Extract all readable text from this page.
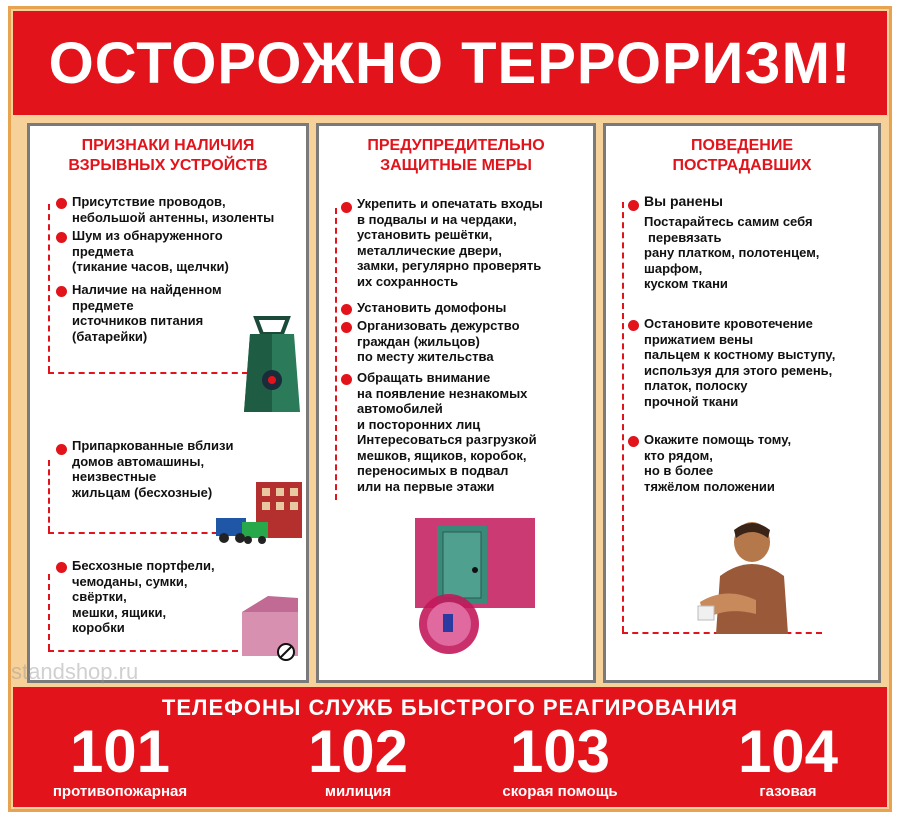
ОСТОРОЖНО ТЕРРОРИЗМ!
ПРИЗНАКИ НАЛИЧИЯ
ВЗРЫВНЫХ УСТРОЙСТВ
Присутствие проводов,
небольшой антенны, изоленты
Шум из обнаруженного
предмета
(тикание часов, щелчки)
Наличие на найденном
предмете
источников питания
(батарейки)
Припаркованные вблизи
домов автомашины,
неизвестные
жильцам (бесхозные)
Бесхозные портфели,
чемоданы, сумки,
свёртки,
мешки, ящики,
коробки
ПРЕДУПРЕДИТЕЛЬНО
ЗАЩИТНЫЕ МЕРЫ
Укрепить и опечатать входы
в подвалы и на чердаки,
установить решётки,
металлические двери,
замки, регулярно проверять
их сохранность
Установить домофоны
Организовать дежурство
граждан (жильцов)
по месту жительства
Обращать внимание
на появление незнакомых
автомобилей
и посторонних лиц
Интересоваться разгрузкой
мешков, ящиков, коробок,
переносимых в подвал
или на первые этажи
ПОВЕДЕНИЕ
ПОСТРАДАВШИХ
Вы ранены
Постарайтесь самим себя
перевязать
рану платком, полотенцем,
шарфом,
куском ткани
Остановите кровотечение
прижатием вены
пальцем к костному выступу,
используя для этого ремень,
платок, полоску
прочной ткани
Окажите помощь тому,
кто рядом,
но в более
тяжёлом положении
standshop.ru
ТЕЛЕФОНЫ СЛУЖБ БЫСТРОГО РЕАГИРОВАНИЯ
101
противопожарная
102
милиция
103
скорая помощь
104
газовая
